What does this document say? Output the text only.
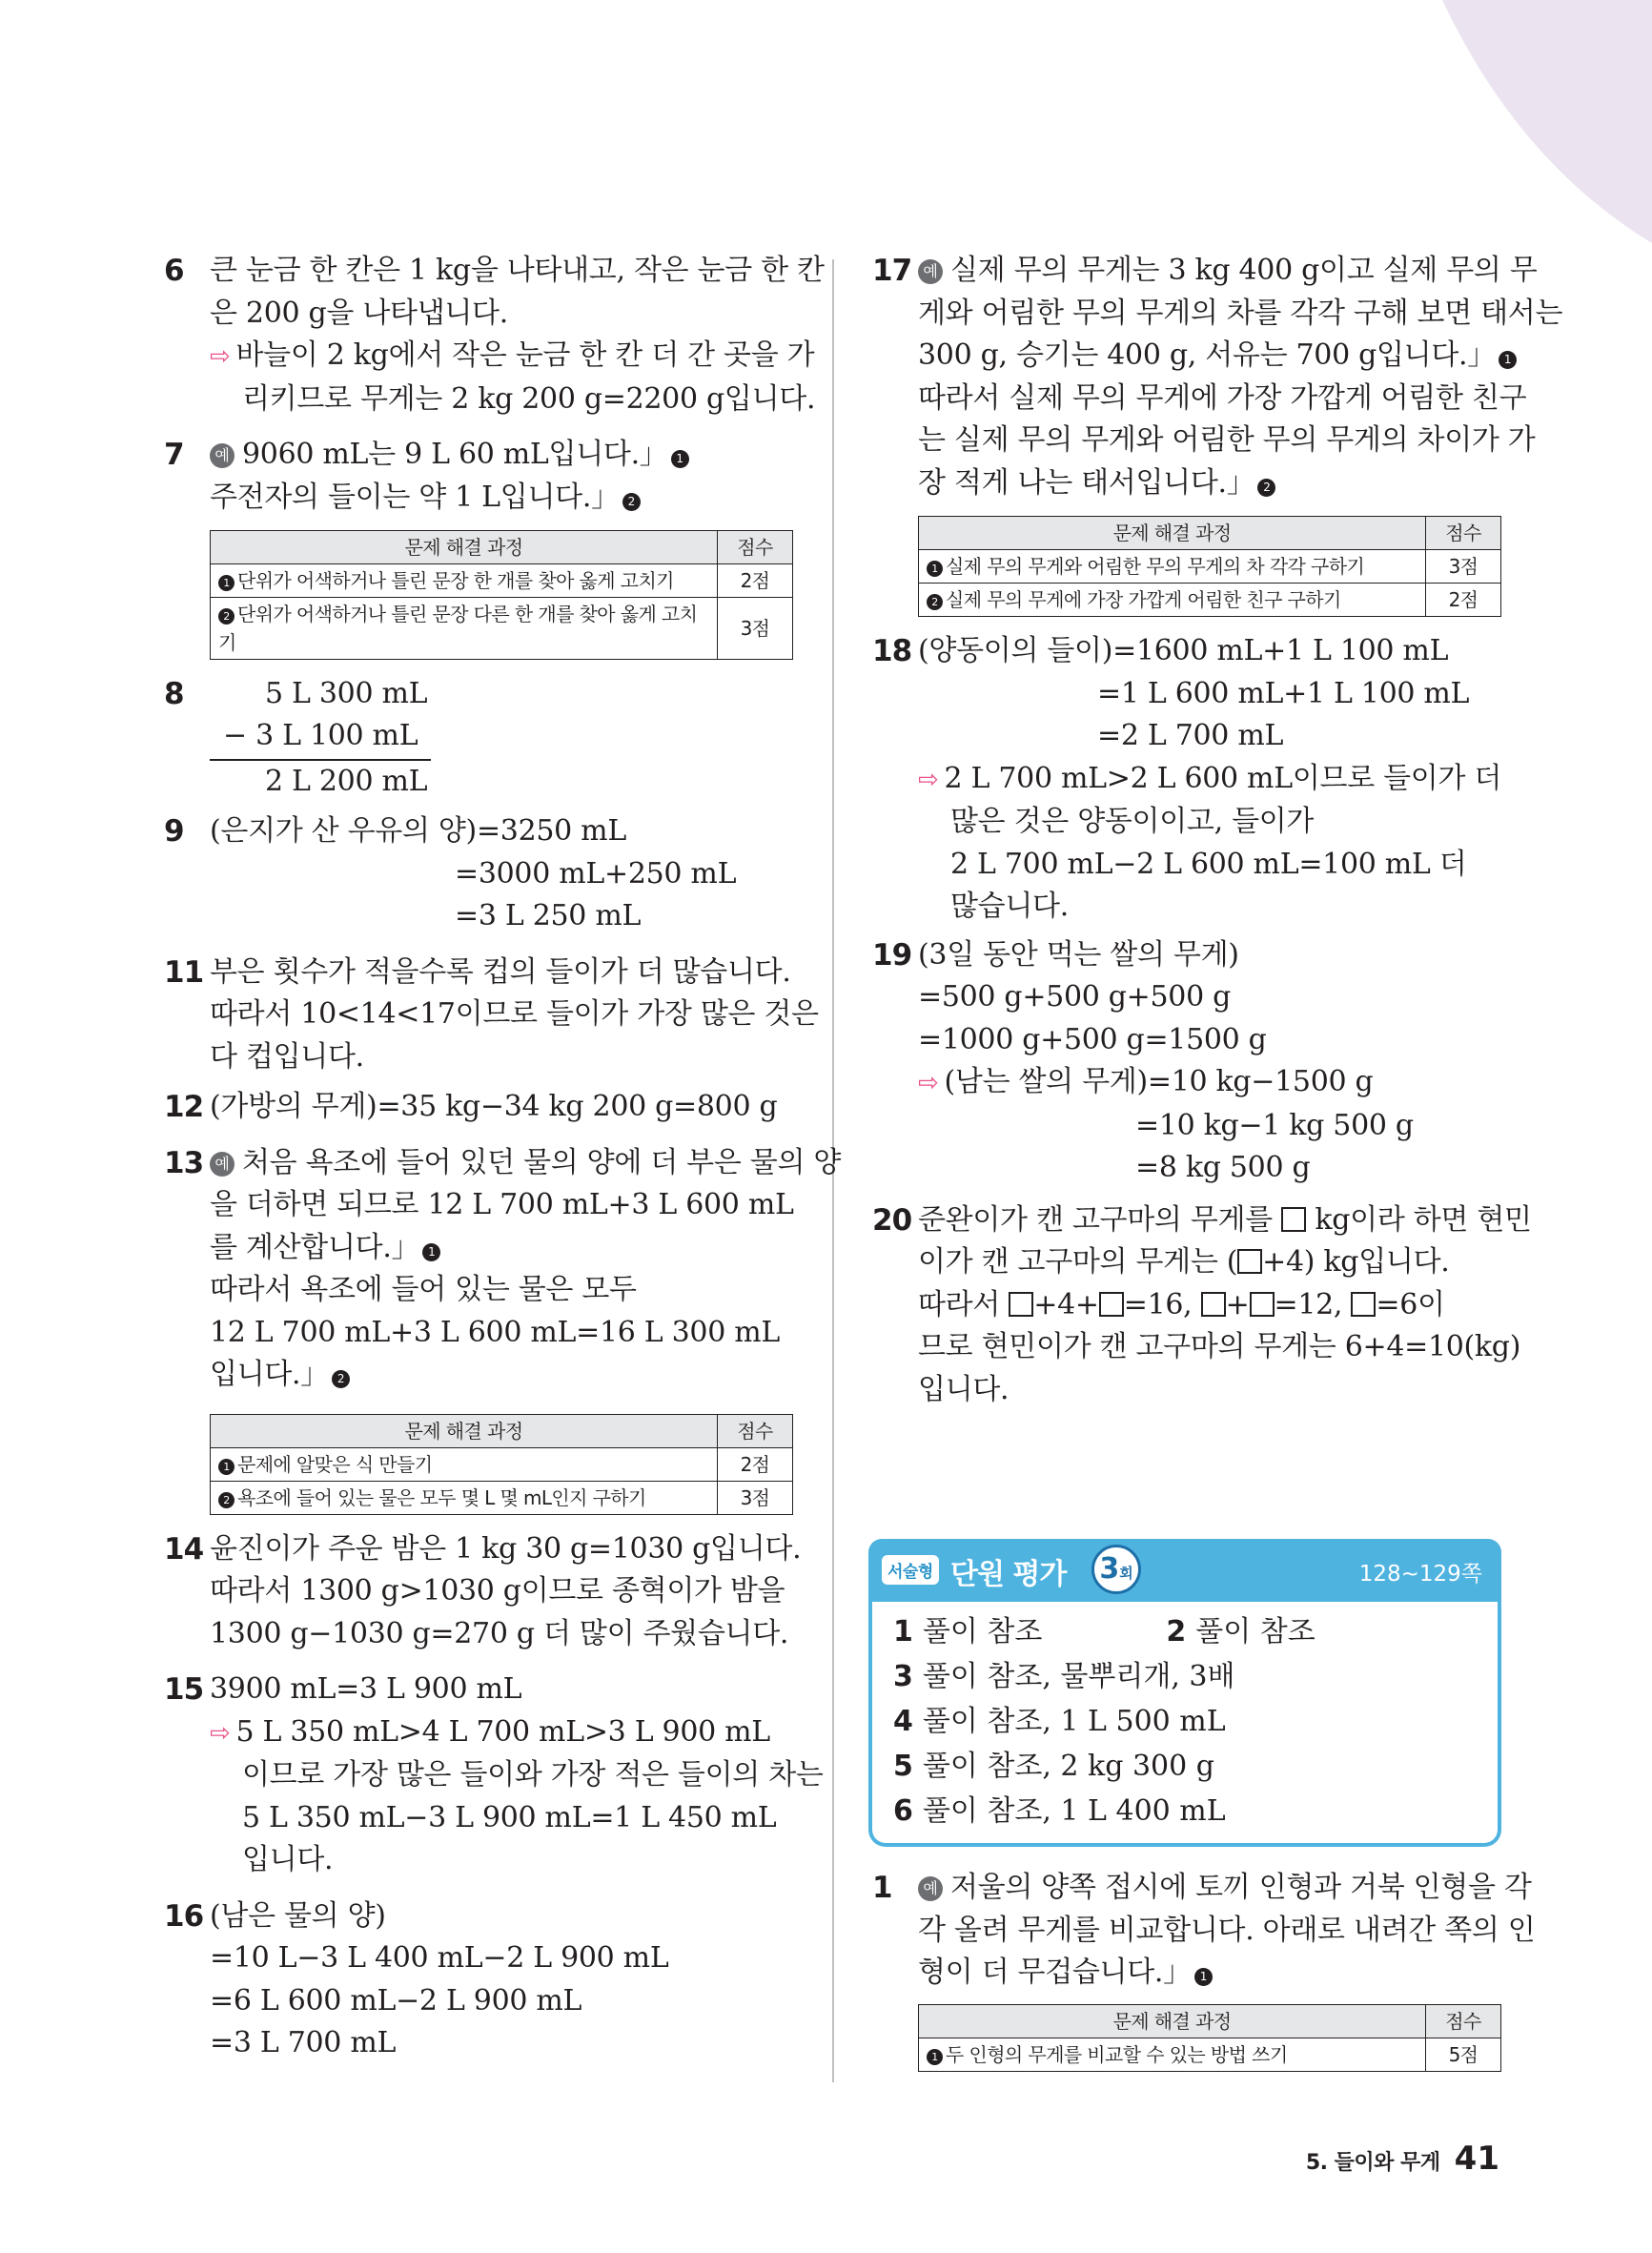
6 큰 눈금 한 칸은 1 kg을 나타내고, 작은 눈금 한 칸
은 200 g을 나타냅니다.
⇨ 바늘이 2 kg에서 작은 눈금 한 칸 더 간 곳을 가
리키므로 무게는 2 kg 200 g=2200 g입니다.
7	예 9060 mL는 9 L 60 mL입니다.」 1
주전자의 들이는 약 1 L입니다.」 2
문제 해결 과정	점수
1 단위가 어색하거나 틀린 문장 한 개를 찾아 옳게 고치기	2점
2 단위가 어색하거나 틀린 문장 다른 한 개를 찾아 옳게 고치기	3점
8	5 L 300 mL
− 3 L 100 mL
2 L 200 mL
9 (은지가 산 우유의 양)=3250 mL
=3000 mL+250 mL
=3 L 250 mL
11 부은 횟수가 적을수록 컵의 들이가 더 많습니다.
따라서 10<14<17이므로 들이가 가장 많은 것은
다 컵입니다.
12 (가방의 무게)=35 kg−34 kg 200 g=800 g
13 예 처음 욕조에 들어 있던 물의 양에 더 부은 물의 양
을 더하면 되므로 12 L 700 mL+3 L 600 mL
를 계산합니다.」 1
따라서 욕조에 들어 있는 물은 모두
12 L 700 mL+3 L 600 mL=16 L 300 mL
입니다.」 2
문제 해결 과정	점수
1 문제에 알맞은 식 만들기	2점
2 욕조에 들어 있는 물은 모두 몇 L 몇 mL인지 구하기	3점
14 윤진이가 주운 밤은 1 kg 30 g=1030 g입니다.
따라서 1300 g>1030 g이므로 종혁이가 밤을
1300 g−1030 g=270 g 더 많이 주웠습니다.
15 3900 mL=3 L 900 mL
⇨ 5 L 350 mL>4 L 700 mL>3 L 900 mL
이므로 가장 많은 들이와 가장 적은 들이의 차는
5 L 350 mL−3 L 900 mL=1 L 450 mL
입니다.
16 (남은 물의 양)
=10 L−3 L 400 mL−2 L 900 mL
=6 L 600 mL−2 L 900 mL
=3 L 700 mL
17 예 실제 무의 무게는 3 kg 400 g이고 실제 무의 무
게와 어림한 무의 무게의 차를 각각 구해 보면 태서는
300 g, 승기는 400 g, 서유는 700 g입니다.」 1
따라서 실제 무의 무게에 가장 가깝게 어림한 친구
는 실제 무의 무게와 어림한 무의 무게의 차이가 가
장 적게 나는 태서입니다.」 2
문제 해결 과정	점수
1 실제 무의 무게와 어림한 무의 무게의 차 각각 구하기	3점
2 실제 무의 무게에 가장 가깝게 어림한 친구 구하기	2점
18 (양동이의 들이)=1600 mL+1 L 100 mL
=1 L 600 mL+1 L 100 mL
=2 L 700 mL
⇨ 2 L 700 mL>2 L 600 mL이므로 들이가 더
많은 것은 양동이이고, 들이가
2 L 700 mL−2 L 600 mL=100 mL 더
많습니다.
19 (3일 동안 먹는 쌀의 무게)
=500 g+500 g+500 g
=1000 g+500 g=1500 g
⇨ (남는 쌀의 무게)=10 kg−1500 g
=10 kg−1 kg 500 g
=8 kg 500 g
20 준완이가 캔 고구마의 무게를 kg이라 하면 현민
이가 캔 고구마의 무게는 ( +4) kg입니다.
따라서 +4+ =16, + =12, =6이
므로 현민이가 캔 고구마의 무게는 6+4=10(kg)
입니다.
서술형 단원 평가 3회	128~129쪽
1 풀이 참조	2 풀이 참조
3 풀이 참조, 물뿌리개, 3배
4 풀이 참조, 1 L 500 mL
5 풀이 참조, 2 kg 300 g
6 풀이 참조, 1 L 400 mL
1	예 저울의 양쪽 접시에 토끼 인형과 거북 인형을 각
각 올려 무게를 비교합니다. 아래로 내려간 쪽의 인
형이 더 무겁습니다.」 1
문제 해결 과정	점수
1 두 인형의 무게를 비교할 수 있는 방법 쓰기	5점
5. 들이와 무게 41
